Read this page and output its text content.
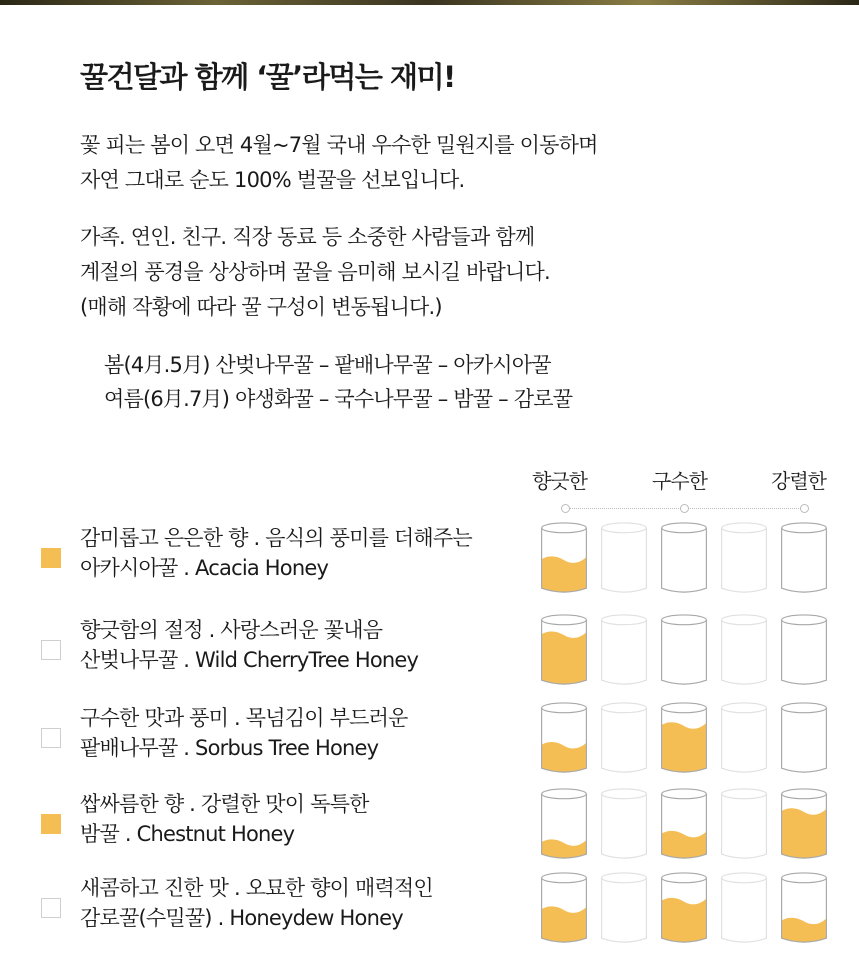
꿀건달과 함께 ‘꿀’라먹는 재미!
꽃 피는 봄이 오면 4월~7월 국내 우수한 밀원지를 이동하며
자연 그대로 순도 100% 벌꿀을 선보입니다.
가족. 연인. 친구. 직장 동료 등 소중한 사람들과 함께
계절의 풍경을 상상하며 꿀을 음미해 보시길 바랍니다.
(매해 작황에 따라 꿀 구성이 변동됩니다.)
봄(4月.5月) 산벚나무꿀 – 팥배나무꿀 – 아카시아꿀
여름(6月.7月) 야생화꿀 – 국수나무꿀 – 밤꿀 – 감로꿀
향긋한	구수한	강렬한
감미롭고 은은한 향 . 음식의 풍미를 더해주는
아카시아꿀 . Acacia Honey
향긋함의 절정 . 사랑스러운 꽃내음
산벚나무꿀 . Wild CherryTree Honey
구수한 맛과 풍미 . 목넘김이 부드러운
팥배나무꿀 . Sorbus Tree Honey
쌉싸름한 향 . 강렬한 맛이 독특한
밤꿀 . Chestnut Honey
새콤하고 진한 맛 . 오묘한 향이 매력적인
감로꿀(수밀꿀) . Honeydew Honey
